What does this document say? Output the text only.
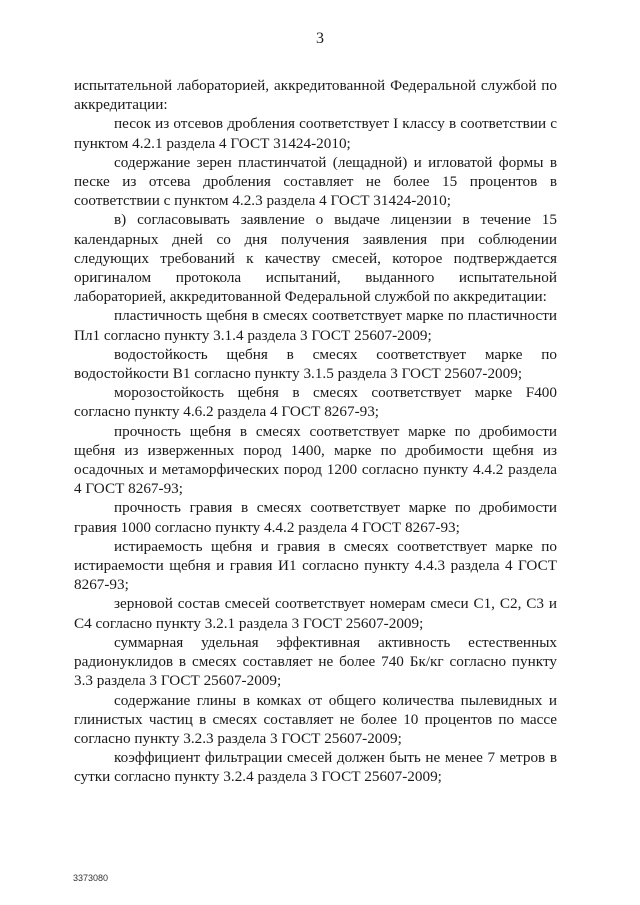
3

испытательной лабораторией, аккредитованной Федеральной службой по аккредитации:

песок из отсевов дробления соответствует I классу в соответствии с пунктом 4.2.1 раздела 4 ГОСТ 31424-2010;

содержание зерен пластинчатой (лещадной) и игловатой формы в песке из отсева дробления составляет не более 15 процентов в соответствии с пунктом 4.2.3 раздела 4 ГОСТ 31424-2010;

в) согласовывать заявление о выдаче лицензии в течение 15 календарных дней со дня получения заявления при соблюдении следующих требований к качеству смесей, которое подтверждается оригиналом протокола испытаний, выданного испытательной лабораторией, аккредитованной Федеральной службой по аккредитации:

пластичность щебня в смесях соответствует марке по пластичности Пл1 согласно пункту 3.1.4 раздела 3 ГОСТ 25607-2009;

водостойкость щебня в смесях соответствует марке по водостойкости В1 согласно пункту 3.1.5 раздела 3 ГОСТ 25607-2009;

морозостойкость щебня в смесях соответствует марке F400 согласно пункту 4.6.2 раздела 4 ГОСТ 8267-93;

прочность щебня в смесях соответствует марке по дробимости щебня из изверженных пород 1400, марке по дробимости щебня из осадочных и метаморфических пород 1200 согласно пункту 4.4.2 раздела 4 ГОСТ 8267-93;

прочность гравия в смесях соответствует марке по дробимости гравия 1000 согласно пункту 4.4.2 раздела 4 ГОСТ 8267-93;

истираемость щебня и гравия в смесях соответствует марке по истираемости щебня и гравия И1 согласно пункту 4.4.3 раздела 4 ГОСТ 8267-93;

зерновой состав смесей соответствует номерам смеси С1, С2, С3 и С4 согласно пункту 3.2.1 раздела 3 ГОСТ 25607-2009;

суммарная удельная эффективная активность естественных радионуклидов в смесях составляет не более 740 Бк/кг согласно пункту 3.3 раздела 3 ГОСТ 25607-2009;

содержание глины в комках от общего количества пылевидных и глинистых частиц в смесях составляет не более 10 процентов по массе согласно пункту 3.2.3 раздела 3 ГОСТ 25607-2009;

коэффициент фильтрации смесей должен быть не менее 7 метров в сутки согласно пункту 3.2.4 раздела 3 ГОСТ 25607-2009;

3373080
